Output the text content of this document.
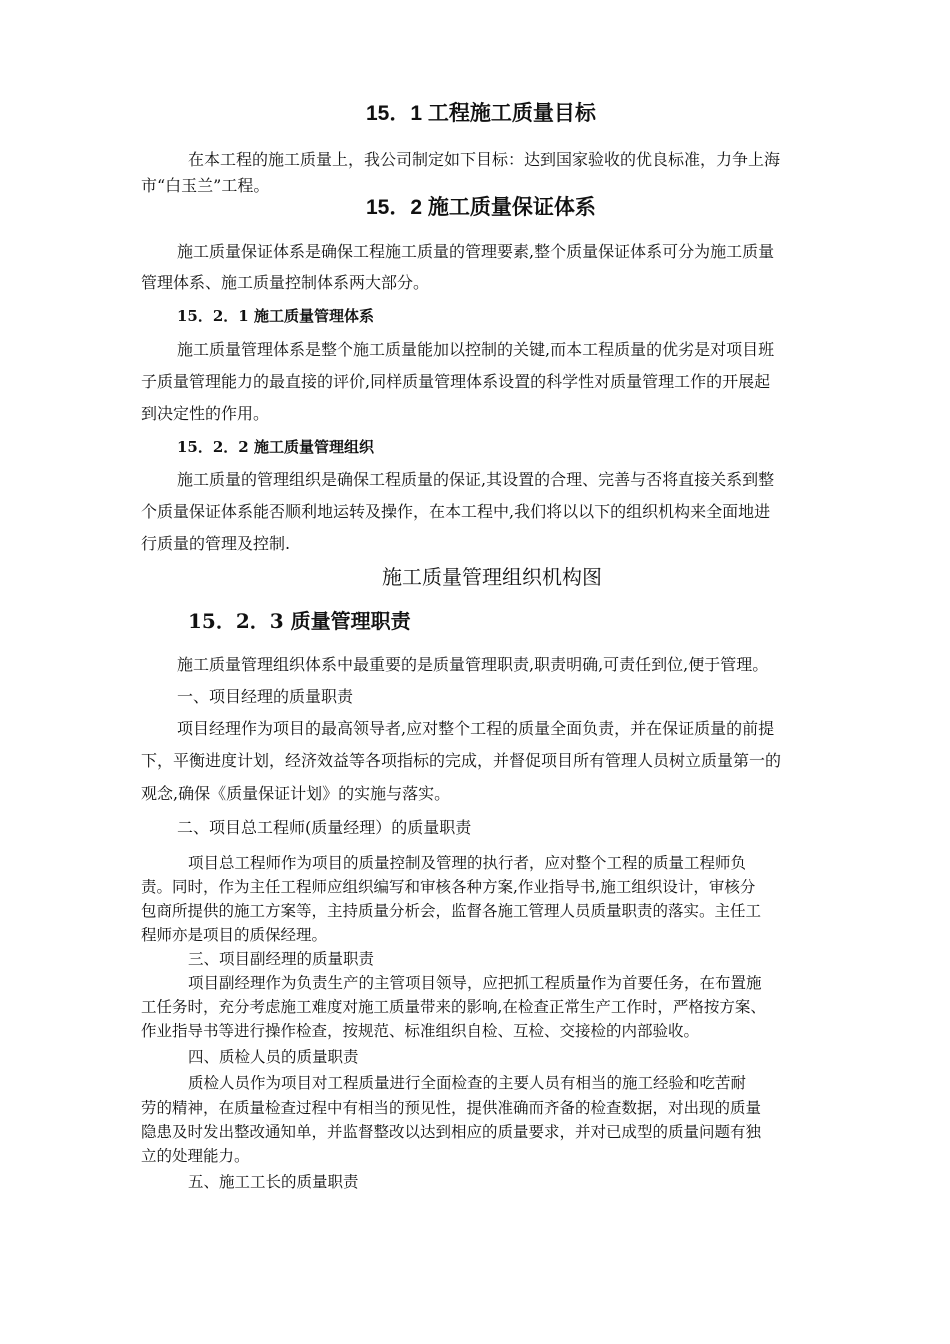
15．1 工程施工质量目标
在本工程的施工质量上，我公司制定如下目标：达到国家验收的优良标准，力争上海
市“白玉兰”工程。
15．2 施工质量保证体系
施工质量保证体系是确保工程施工质量的管理要素,整个质量保证体系可分为施工质量
管理体系、施工质量控制体系两大部分。
15．2．1 施工质量管理体系
施工质量管理体系是整个施工质量能加以控制的关键,而本工程质量的优劣是对项目班
子质量管理能力的最直接的评价,同样质量管理体系设置的科学性对质量管理工作的开展起
到决定性的作用。
15．2．2 施工质量管理组织
施工质量的管理组织是确保工程质量的保证,其设置的合理、完善与否将直接关系到整
个质量保证体系能否顺利地运转及操作，在本工程中,我们将以以下的组织机构来全面地进
行质量的管理及控制.
施工质量管理组织机构图
15．2．3 质量管理职责
施工质量管理组织体系中最重要的是质量管理职责,职责明确,可责任到位,便于管理。
一、项目经理的质量职责
项目经理作为项目的最高领导者,应对整个工程的质量全面负责，并在保证质量的前提
下，平衡进度计划，经济效益等各项指标的完成，并督促项目所有管理人员树立质量第一的
观念,确保《质量保证计划》的实施与落实。
二、项目总工程师(质量经理）的质量职责
项目总工程师作为项目的质量控制及管理的执行者，应对整个工程的质量工程师负
责。同时，作为主任工程师应组织编写和审核各种方案,作业指导书,施工组织设计，审核分
包商所提供的施工方案等，主持质量分析会，监督各施工管理人员质量职责的落实。主任工
程师亦是项目的质保经理。
三、项目副经理的质量职责
项目副经理作为负责生产的主管项目领导，应把抓工程质量作为首要任务，在布置施
工任务时，充分考虑施工难度对施工质量带来的影响,在检查正常生产工作时，严格按方案、
作业指导书等进行操作检查，按规范、标准组织自检、互检、交接检的内部验收。
四、质检人员的质量职责
质检人员作为项目对工程质量进行全面检查的主要人员有相当的施工经验和吃苦耐
劳的精神，在质量检查过程中有相当的预见性，提供准确而齐备的检查数据，对出现的质量
隐患及时发出整改通知单，并监督整改以达到相应的质量要求，并对已成型的质量问题有独
立的处理能力。
五、施工工长的质量职责
